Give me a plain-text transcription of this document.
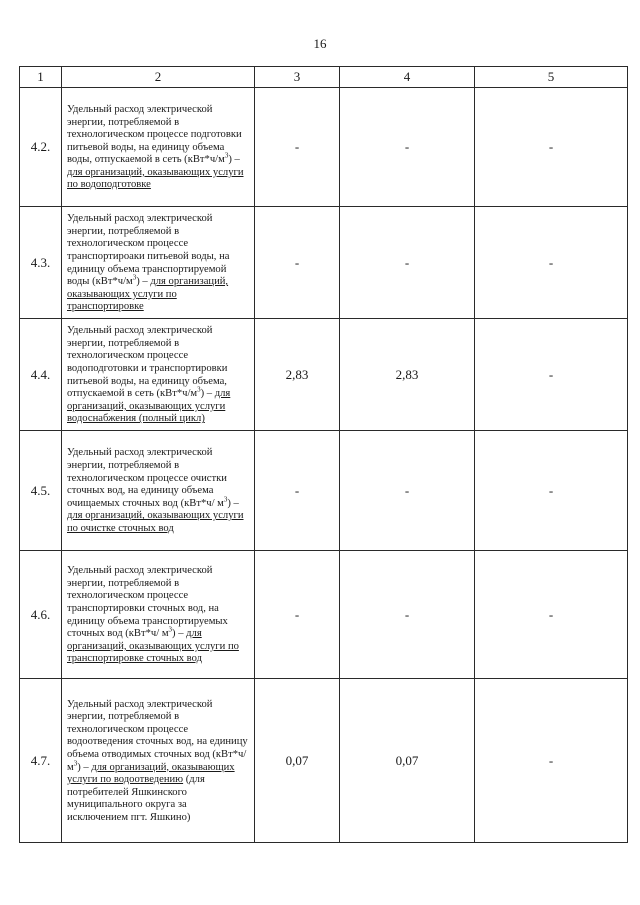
16
1	2	3	4	5
4.2.	Удельный расход электрической энергии, потребляемой в технологическом процессе подготовки питьевой воды, на единицу объема воды, отпускаемой в сеть $(кВт*ч/м^3)$ – для организаций, оказывающих услуги по водоподготовке	-	-	-
4.3.	Удельный расход электрической энергии, потребляемой в технологическом процессе транспортироаки питьевой воды, на единицу объема транспортируемой воды $(кВт*ч/м^3)$ – для организаций, оказывающих услуги по транспортировке	-	-	-
4.4.	Удельный расход электрической энергии, потребляемой в технологическом процессе водоподготовки и транспортировки питьевой воды, на единицу объема, отпускаемой в сеть $(кВт*ч/м^3)$ – для организаций, оказывающих услуги водоснабжения (полный цикл)	2,83	2,83	-
4.5.	Удельный расход электрической энергии, потребляемой в технологическом процессе очистки сточных вод, на единицу объема очищаемых сточных вод (кВт*ч/ $м^3$) – для организаций, оказывающих услуги по очистке сточных вод	-	-	-
4.6.	Удельный расход электрической энергии, потребляемой в технологическом процессе транспортировки сточных вод, на единицу объема транспортируемых сточных вод (кВт*ч/ $м^3$) – для организаций, оказывающих услуги по транспортировке сточных вод	-	-	-
4.7.	Удельный расход электрической энергии, потребляемой в технологическом процессе водоотведения сточных вод, на единицу объема отводимых сточных вод (кВт*ч/ $м^3$) – для организаций, оказывающих услуги по водоотведению (для потребителей Яшкинского муниципального округа за исключением пгт. Яшкино)	0,07	0,07	-
